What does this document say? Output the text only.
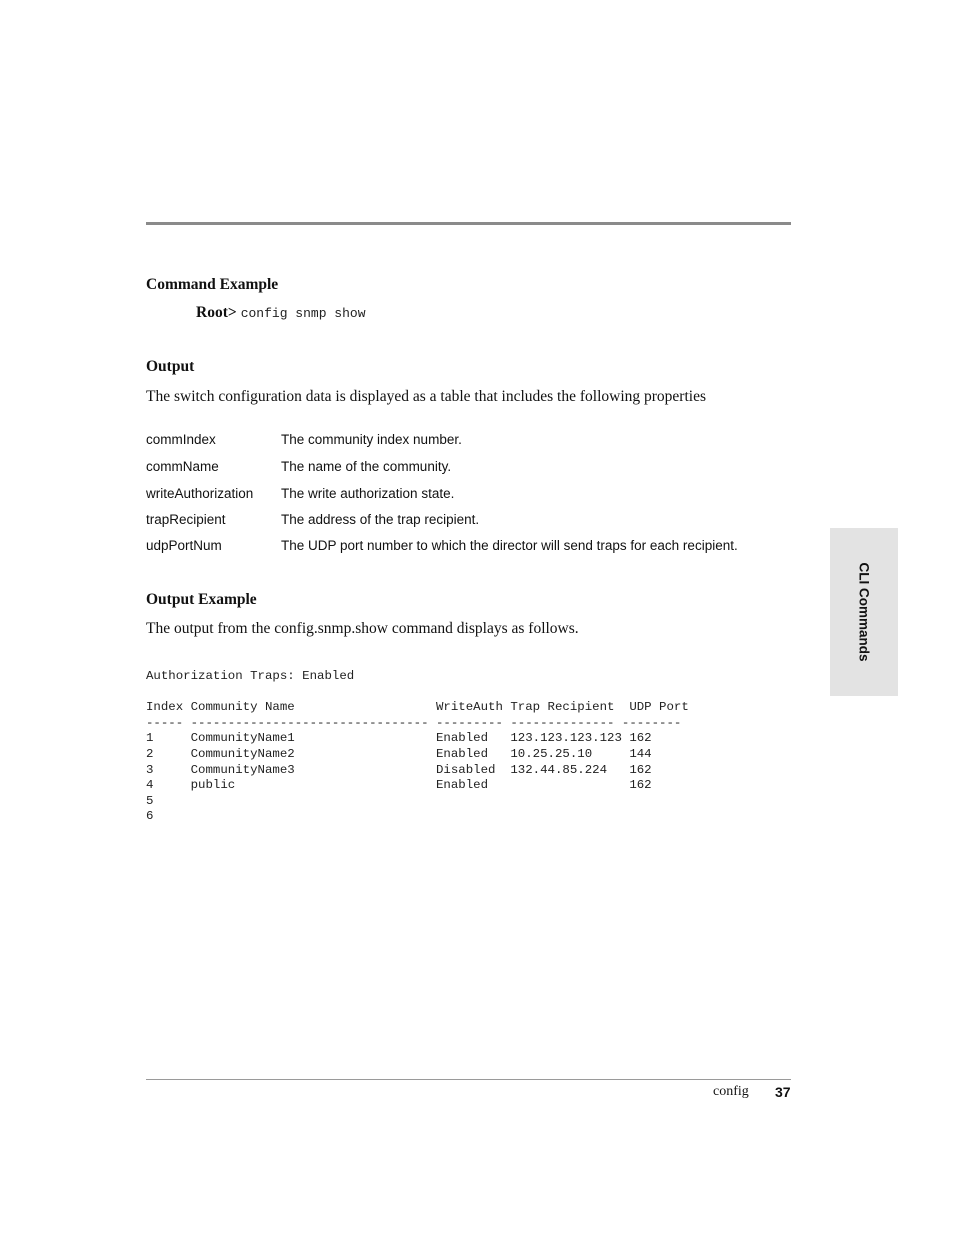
Command Example
Root> config snmp show
Output

The switch configuration data is displayed as a table that includes the following properties

commIndex	The community index number.
commName	The name of the community.
writeAuthorization The write authorization state.
trapRecipient	The address of the trap recipient.
udpPortNum	The UDP port number to which the director will send traps for each recipient.
Output Example

The output from the config.snmp.show command displays as follows.

Authorization Traps: Enabled

Index Community Name                   WriteAuth Trap Recipient  UDP Port
----- -------------------------------- --------- -------------- --------
1     CommunityName1                   Enabled   123.123.123.123 162
2     CommunityName2                   Enabled   10.25.25.10     144
3     CommunityName3                   Disabled  132.44.85.224   162
4     public                           Enabled                   162
5
6
CLI Commands
config 37
